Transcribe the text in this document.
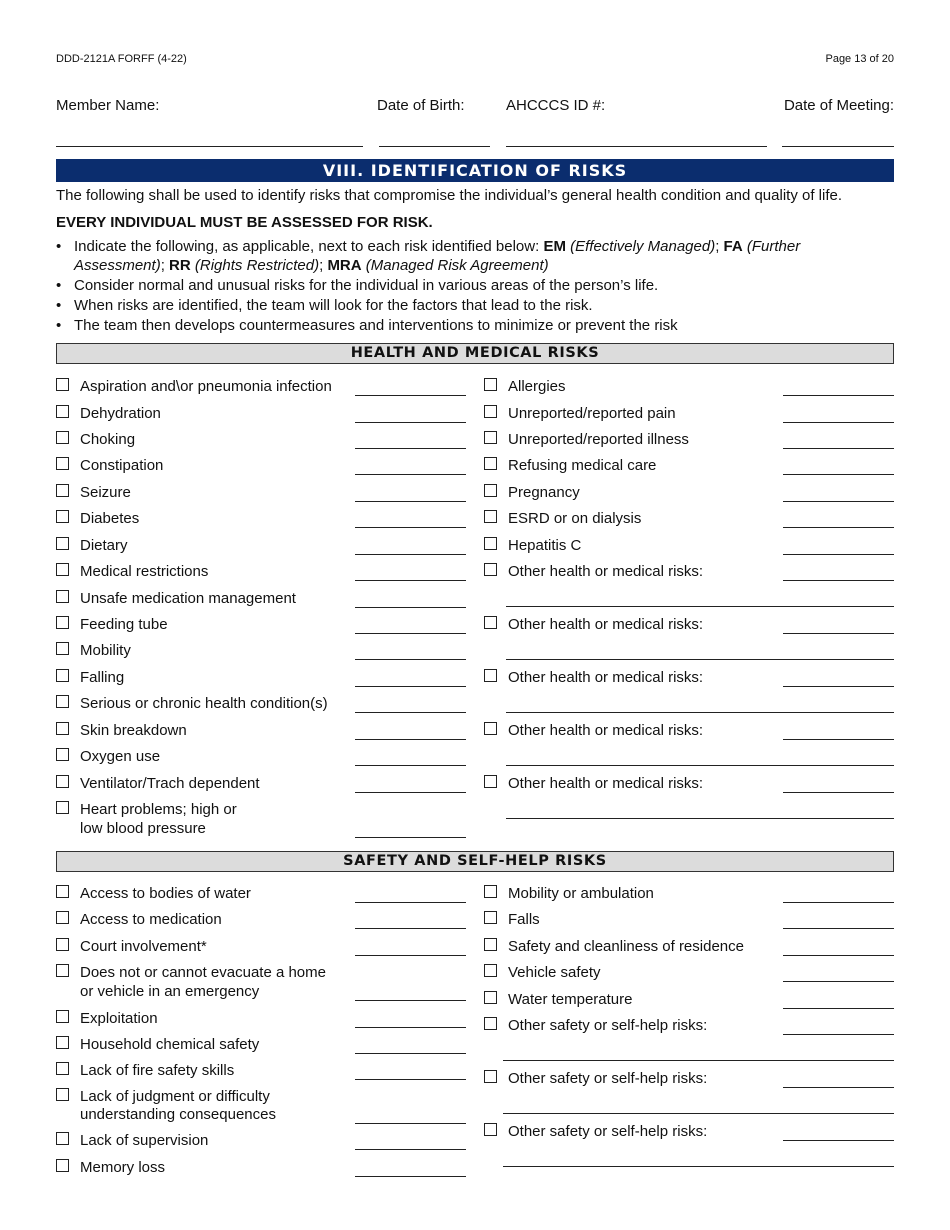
DDD-2121A FORFF (4-22)	Page 13 of 20
Member Name:	Date of Birth:	AHCCCS ID #:	Date of Meeting:
VIII. IDENTIFICATION OF RISKS
The following shall be used to identify risks that compromise the individual’s general health condition and quality of life.
EVERY INDIVIDUAL MUST BE ASSESSED FOR RISK.
• Indicate the following, as applicable, next to each risk identified below: EM (Effectively Managed); FA (Further Assessment); RR (Rights Restricted); MRA (Managed Risk Agreement)
• Consider normal and unusual risks for the individual in various areas of the person’s life.
• When risks are identified, the team will look for the factors that lead to the risk.
• The team then develops countermeasures and interventions to minimize or prevent the risk
HEALTH AND MEDICAL RISKS
Aspiration and\or pneumonia infection
Dehydration
Choking
Constipation
Seizure
Diabetes
Dietary
Medical restrictions
Unsafe medication management
Feeding tube
Mobility
Falling
Serious or chronic health condition(s)
Skin breakdown
Oxygen use
Ventilator/Trach dependent
Heart problems; high or
low blood pressure
Allergies
Unreported/reported pain
Unreported/reported illness
Refusing medical care
Pregnancy
ESRD or on dialysis
Hepatitis C
Other health or medical risks:
Other health or medical risks:
Other health or medical risks:
Other health or medical risks:
Other health or medical risks:
SAFETY AND SELF-HELP RISKS
Access to bodies of water
Access to medication
Court involvement*
Does not or cannot evacuate a home
or vehicle in an emergency
Exploitation
Household chemical safety
Lack of fire safety skills
Lack of judgment or difficulty
understanding consequences
Lack of supervision
Memory loss
Mobility or ambulation
Falls
Safety and cleanliness of residence
Vehicle safety
Water temperature
Other safety or self-help risks:
Other safety or self-help risks:
Other safety or self-help risks:
